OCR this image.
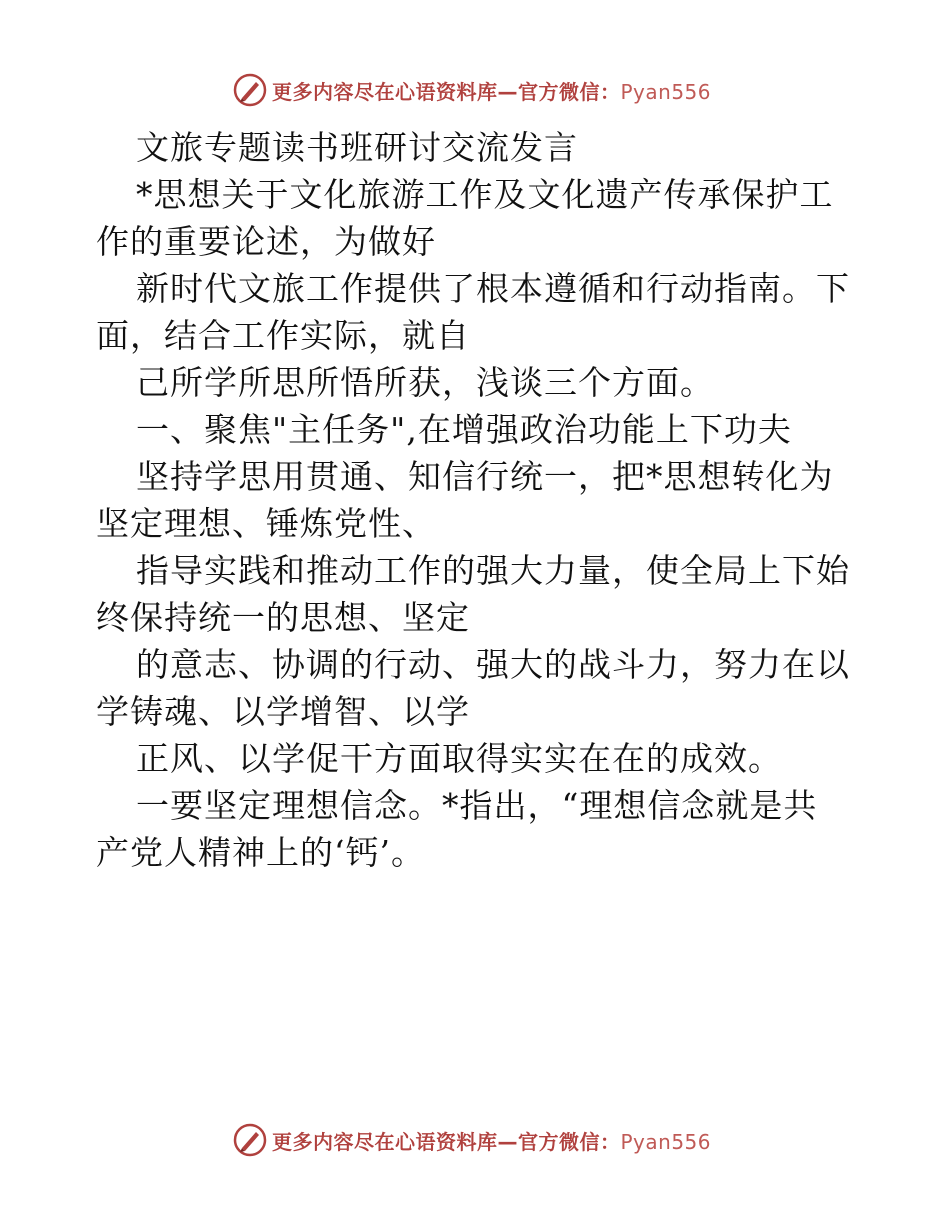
更多内容尽在心语资料库—官方微信：Pyan556
文旅专题读书班研讨交流发言
*思想关于文化旅游工作及文化遗产传承保护工
作的重要论述，为做好
新时代文旅工作提供了根本遵循和行动指南。下
面，结合工作实际，就自
己所学所思所悟所获，浅谈三个方面。
一、聚焦"主任务",在增强政治功能上下功夫
坚持学思用贯通、知信行统一，把*思想转化为
坚定理想、锤炼党性、
指导实践和推动工作的强大力量，使全局上下始
终保持统一的思想、坚定
的意志、协调的行动、强大的战斗力，努力在以
学铸魂、以学增智、以学
正风、以学促干方面取得实实在在的成效。
一要坚定理想信念。*指出，“理想信念就是共
产党人精神上的‘钙’。
更多内容尽在心语资料库—官方微信：Pyan556
